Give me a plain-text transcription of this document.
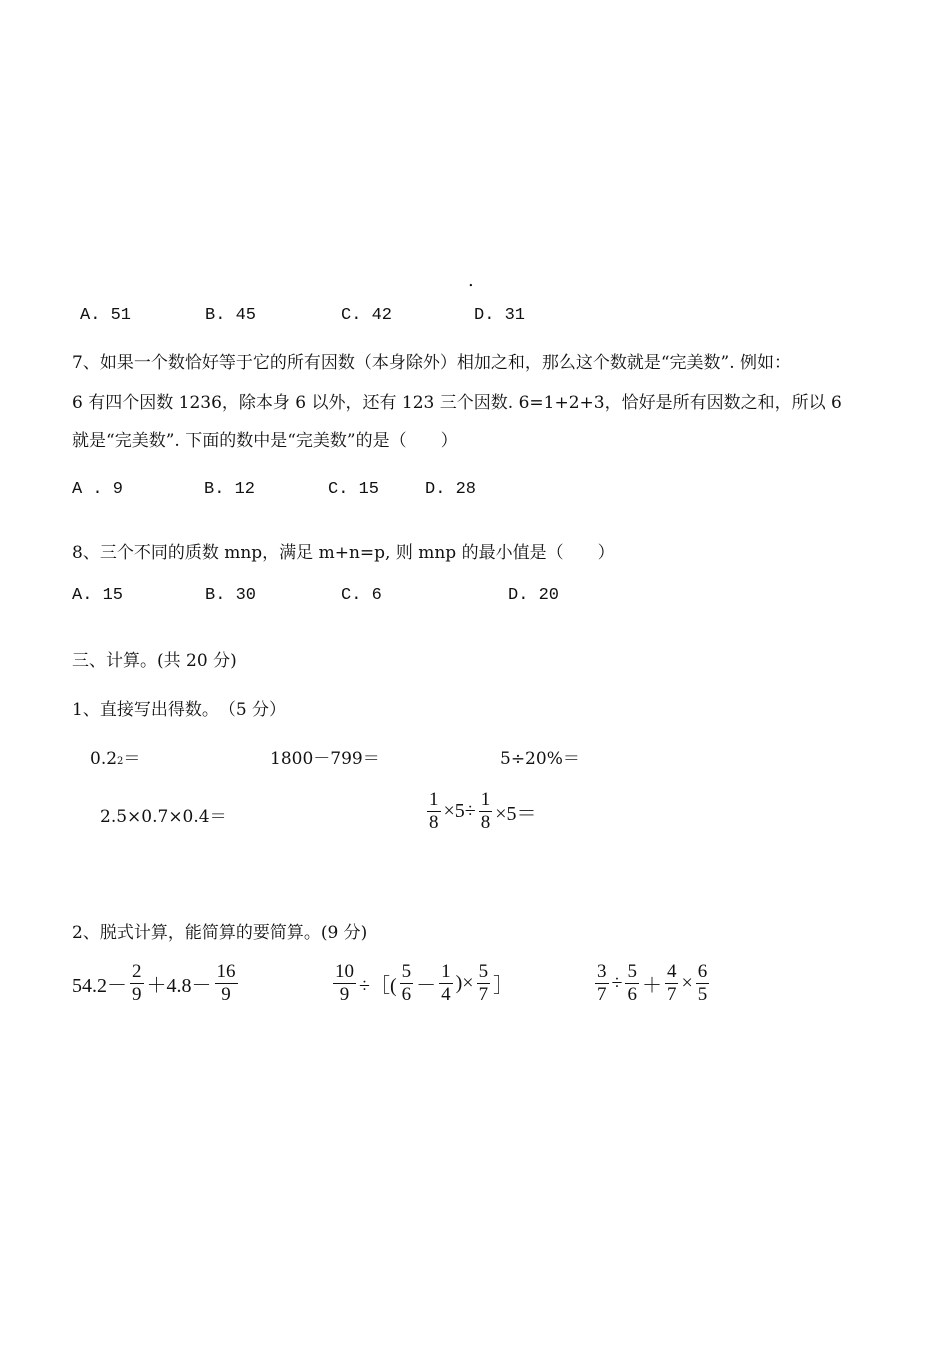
.
A. 51	B. 45	C. 42	D. 31
7、如果一个数恰好等于它的所有因数（本身除外）相加之和，那么这个数就是“完美数”. 例如：
6 有四个因数 1236，除本身 6 以外，还有 123 三个因数. 6=1+2+3，恰好是所有因数之和，所以 6
就是“完美数”. 下面的数中是“完美数”的是（　　）
A . 9	B. 12	C. 15	D. 28
8、三个不同的质数 mnp，满足 m+n=p, 则 mnp 的最小值是（　　）
A. 15	B. 30	C. 6	D. 20
三、计算。(共 20 分)
1、直接写出得数。　（5 分）
0.22＝	1800－799＝	5÷20%＝
2.5×0.7×0.4＝	$\frac{1}{8} \times 5\div \frac{1}{8} \times 5=$
2、脱式计算，能简算的要简算。(9 分)
$54.2- \frac{2}{9} +4.8- \frac{16}{9}$	$\frac{10}{9}$ ÷［( $\frac{5}{6} - \frac{1}{4}$ )× $\frac{5}{7}$ ］	$\frac{3}{7} \div \frac{5}{6} + \frac{4}{7} \times \frac{6}{5}$
